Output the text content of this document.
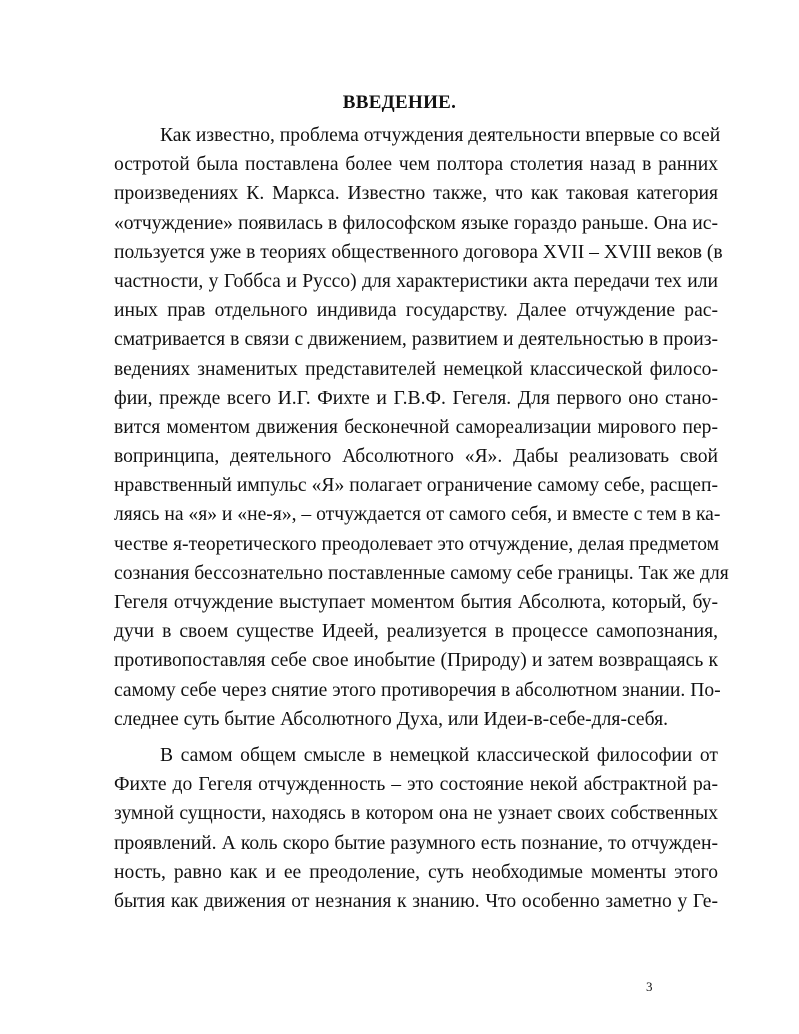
ВВЕДЕНИЕ.
Как известно, проблема отчуждения деятельности впервые со всей
остротой была поставлена более чем полтора столетия назад в ранних
произведениях К. Маркса. Известно также, что как таковая категория
«отчуждение» появилась в философском языке гораздо раньше. Она ис-
пользуется уже в теориях общественного договора XVII – XVIII веков (в
частности, у Гоббса и Руссо) для характеристики акта передачи тех или
иных прав отдельного индивида государству. Далее отчуждение рас-
сматривается в связи с движением, развитием и деятельностью в произ-
ведениях знаменитых представителей немецкой классической филосо-
фии, прежде всего И.Г. Фихте и Г.В.Ф. Гегеля. Для первого оно стано-
вится моментом движения бесконечной самореализации мирового пер-
вопринципа, деятельного Абсолютного «Я». Дабы реализовать свой
нравственный импульс «Я» полагает ограничение самому себе, расщеп-
ляясь на «я» и «не-я», – отчуждается от самого себя, и вместе с тем в ка-
честве я-теоретического преодолевает это отчуждение, делая предметом
сознания бессознательно поставленные самому себе границы. Так же для
Гегеля отчуждение выступает моментом бытия Абсолюта, который, бу-
дучи в своем существе Идеей, реализуется в процессе самопознания,
противопоставляя себе свое инобытие (Природу) и затем возвращаясь к
самому себе через снятие этого противоречия в абсолютном знании. По-
следнее суть бытие Абсолютного Духа, или Идеи-в-себе-для-себя.
В самом общем смысле в немецкой классической философии от
Фихте до Гегеля отчужденность – это состояние некой абстрактной ра-
зумной сущности, находясь в котором она не узнает своих собственных
проявлений. А коль скоро бытие разумного есть познание, то отчужден-
ность, равно как и ее преодоление, суть необходимые моменты этого
бытия как движения от незнания к знанию. Что особенно заметно у Ге-
3
